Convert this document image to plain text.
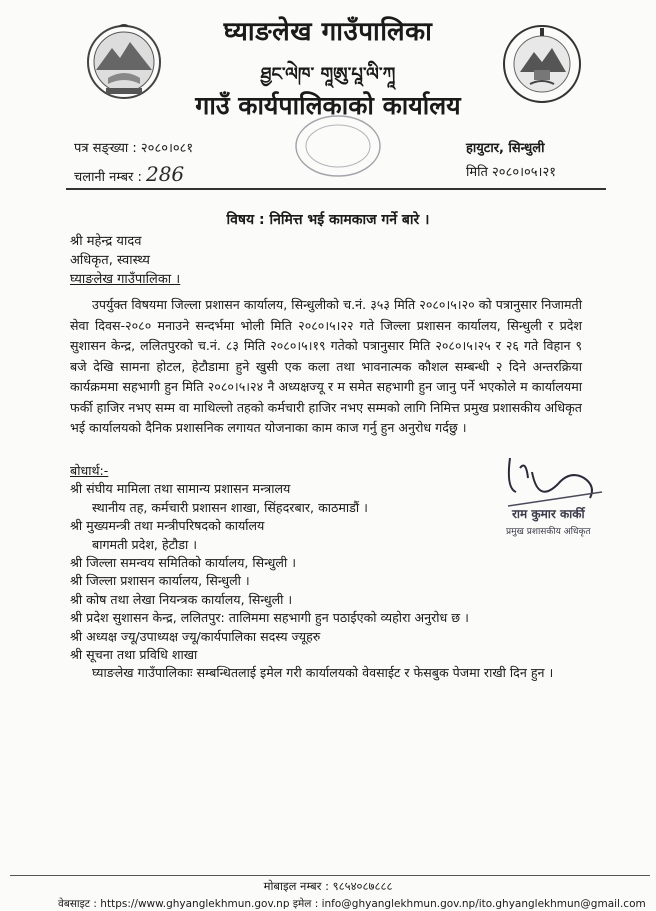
घ्याङलेख गाउँपालिका
ཐྱང་ལེཁ་ གཱཨུ་པཱ་ལི་ཀཱ
गाउँ कार्यपालिकाको कार्यालय
पत्र सङ्ख्या : २०८०।०८१
चलानी नम्बर : 286
हायुटार, सिन्धुली
मिति २०८०।०५।२१
विषय : निमित्त भई कामकाज गर्ने बारे ।
श्री महेन्द्र यादव
अधिकृत, स्वास्थ्य
घ्याङलेख गाउँपालिका ।
उपर्युक्त विषयमा जिल्ला प्रशासन कार्यालय, सिन्धुलीको च.नं. ३५३ मिति २०८०।५।२० को पत्रानुसार निजामती सेवा दिवस-२०८० मनाउने सन्दर्भमा भोली मिति २०८०।५।२२ गते जिल्ला प्रशासन कार्यालय, सिन्धुली र प्रदेश सुशासन केन्द्र, ललितपुरको च.नं. ८३ मिति २०८०।५।१९ गतेको पत्रानुसार मिति २०८०।५।२५ र २६ गते विहान ९ बजे देखि सामना होटल, हेटौडामा हुने खुसी एक कला तथा भावनात्मक कौशल सम्बन्धी २ दिने अन्तरक्रिया कार्यक्रममा सहभागी हुन मिति २०८०।५।२४ नै अध्यक्षज्यू र म समेत सहभागी हुन जानु पर्ने भएकोले म कार्यालयमा फर्की हाजिर नभए सम्म वा माथिल्लो तहको कर्मचारी हाजिर नभए सम्मको लागि निमित्त प्रमुख प्रशासकीय अधिकृत भई कार्यालयको दैनिक प्रशासनिक लगायत योजनाका काम काज गर्नु हुन अनुरोध गर्दछु ।
बोधार्थ:-
श्री संघीय मामिला तथा सामान्य प्रशासन मन्त्रालय
स्थानीय तह, कर्मचारी प्रशासन शाखा, सिंहदरबार, काठमाडौं ।
श्री मुख्यमन्त्री तथा मन्त्रीपरिषदको कार्यालय
बागमती प्रदेश, हेटौडा ।
श्री जिल्ला समन्वय समितिको कार्यालय, सिन्धुली ।
श्री जिल्ला प्रशासन कार्यालय, सिन्धुली ।
श्री कोष तथा लेखा नियन्त्रक कार्यालय, सिन्धुली ।
श्री प्रदेश सुशासन केन्द्र, ललितपुर: तालिममा सहभागी हुन पठाईएको व्यहोरा अनुरोध छ ।
श्री अध्यक्ष ज्यू/उपाध्यक्ष ज्यू/कार्यपालिका सदस्य ज्यूहरु
श्री सूचना तथा प्रविधि शाखा
घ्याङलेख गाउँपालिकाः सम्बन्धितलाई इमेल गरी कार्यालयको वेवसाईट र फेसबुक पेजमा राखी दिन हुन ।
राम कुमार कार्की
प्रमुख प्रशासकीय अधिकृत
मोबाइल नम्बर : ९८५४०८७८८८
वेबसाइट : https://www.ghyanglekhmun.gov.np इमेल : info@ghyanglekhmun.gov.np/ito.ghyanglekhmun@gmail.com
